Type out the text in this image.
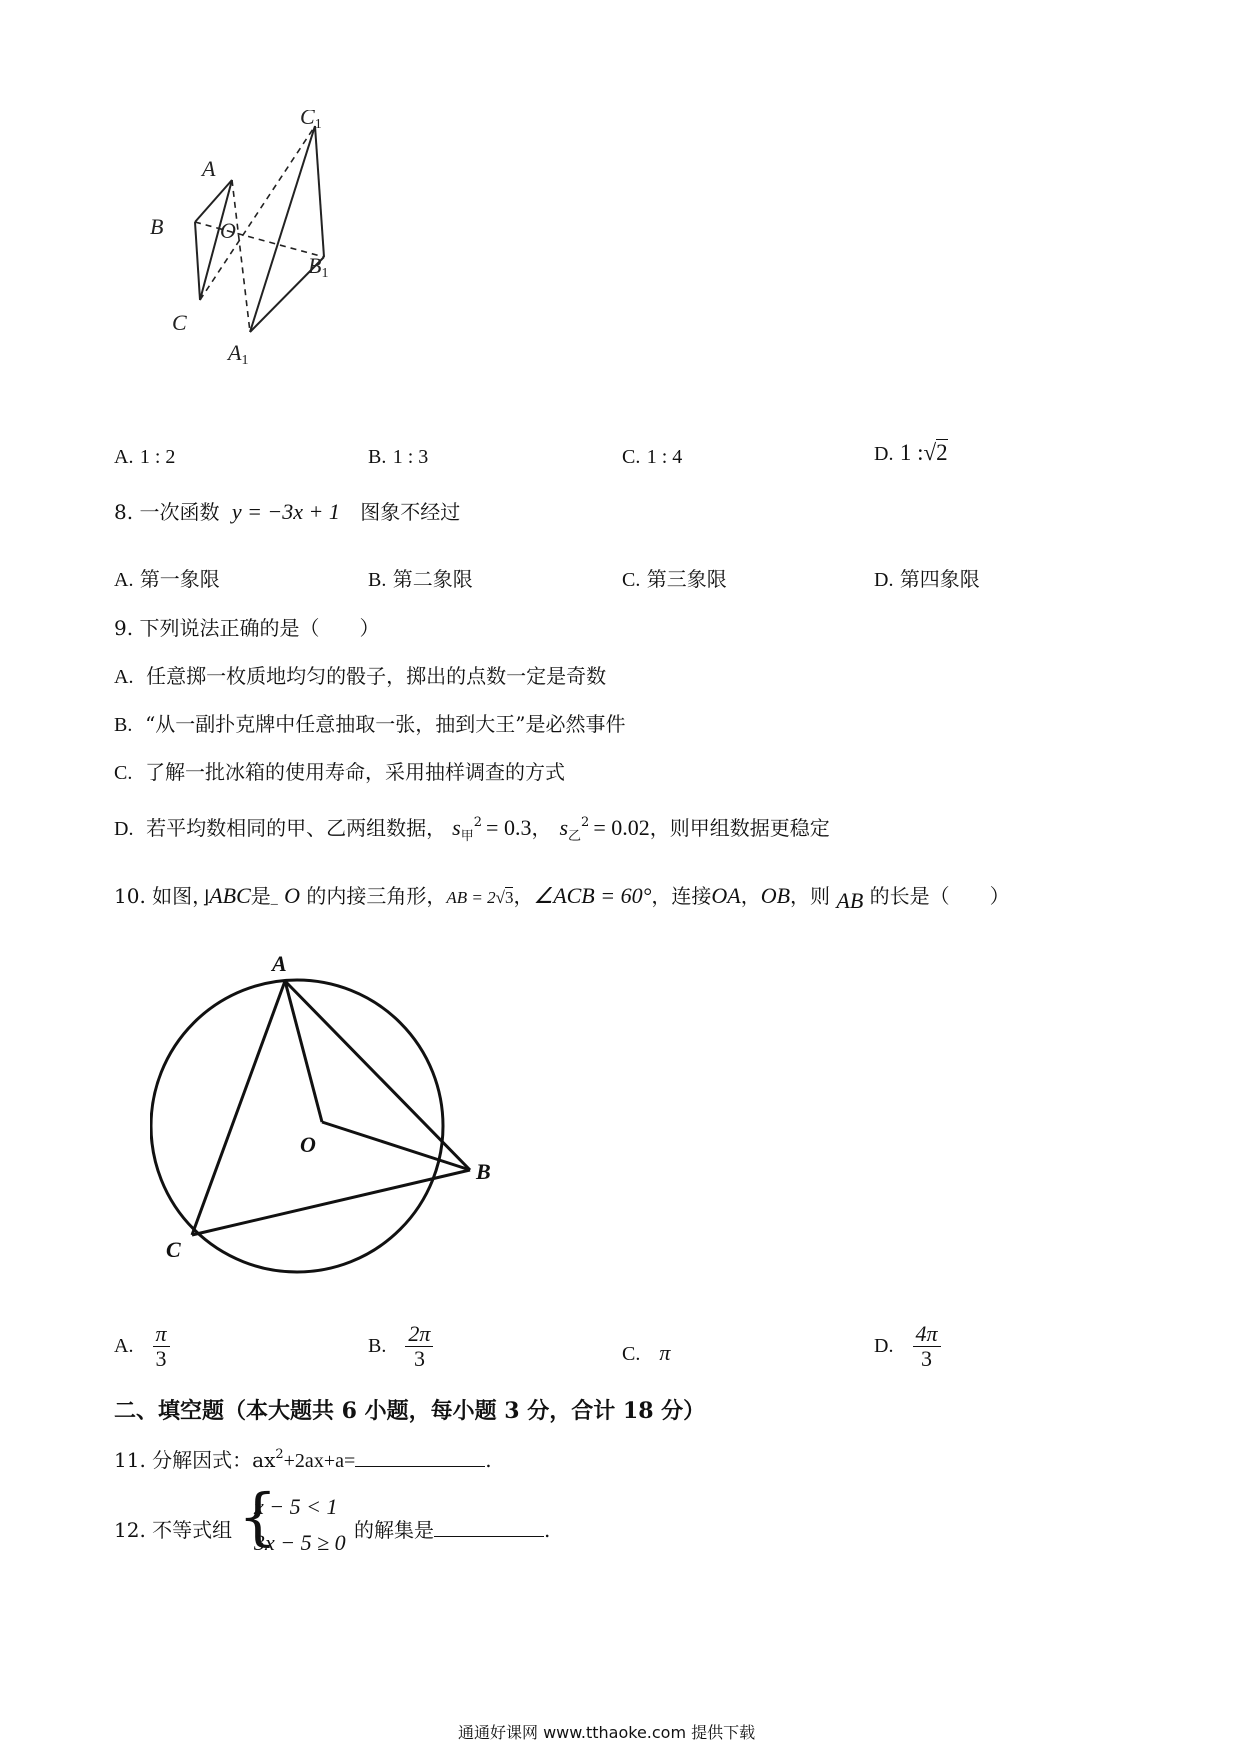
A
B
C
O
C1
B1
A1
A. 1 : 2	B. 1 : 3	C. 1 : 4	D. 1 :√2
8. 一次函数 y = −3x + 1 图象不经过
A. 第一象限	B. 第二象限	C. 第三象限	D. 第四象限
9. 下列说法正确的是（　　）
A. 任意掷一枚质地均匀的骰子，掷出的点数一定是奇数
B. “从一副扑克牌中任意抽取一张，抽到大王”是必然事件
C. 了解一批冰箱的使用寿命，采用抽样调查的方式
D. 若平均数相同的甲、乙两组数据， $s_甲^2 = 0.3$， $s_乙^2 = 0.02$，则甲组数据更稳定
10. 如图，⌋ABC是_ O 的内接三角形，AB = 2√3，∠ACB = 60°，连接OA，OB，则 AB 的长是（　　）
A
B
C
O
A. $\frac{\pi}{3}$	B. $\frac{2\pi}{3}$	C. π	D. $\frac{4\pi}{3}$
二、填空题（本大题共 6 小题，每小题 3 分，合计 18 分）
11. 分解因式：$ax^2+2ax+a=$	.
12. 不等式组 {
x − 5 < 1
3x − 5 ≥ 0 的解集是	.
通通好课网 www.tthaoke.com 提供下载
